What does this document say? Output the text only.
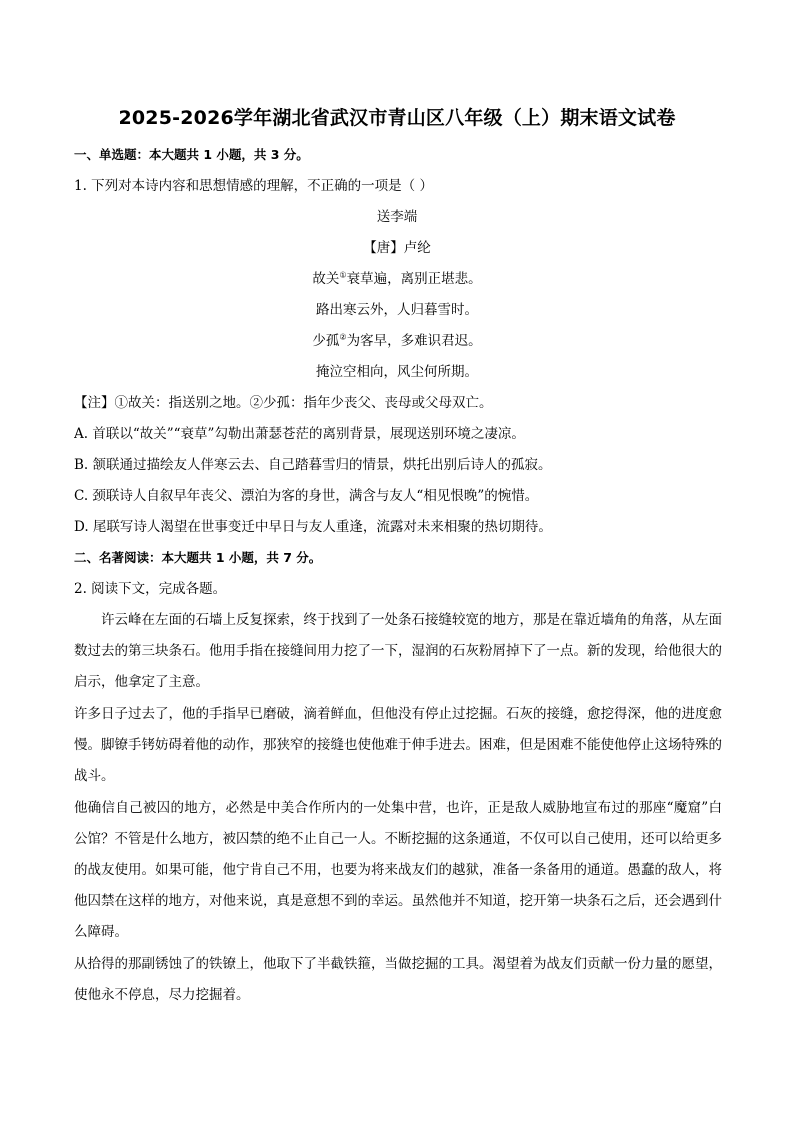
2025-2026学年湖北省武汉市青山区八年级（上）期末语文试卷
一、单选题：本大题共 1 小题，共 3 分。
1. 下列对本诗内容和思想情感的理解，不正确的一项是（ ）
送李端
【唐】卢纶
故关①衰草遍，离别正堪悲。
路出寒云外，人归暮雪时。
少孤②为客早，多难识君迟。
掩泣空相向，风尘何所期。
【注】①故关：指送别之地。②少孤：指年少丧父、丧母或父母双亡。
A. 首联以“故关”“衰草”勾勒出萧瑟苍茫的离别背景，展现送别环境之凄凉。
B. 颔联通过描绘友人伴寒云去、自己踏暮雪归的情景，烘托出别后诗人的孤寂。
C. 颈联诗人自叙早年丧父、漂泊为客的身世，满含与友人“相见恨晚”的惋惜。
D. 尾联写诗人渴望在世事变迁中早日与友人重逢，流露对未来相聚的热切期待。
二、名著阅读：本大题共 1 小题，共 7 分。
2. 阅读下文，完成各题。
许云峰在左面的石墙上反复探索，终于找到了一处条石接缝较宽的地方，那是在靠近墙角的角落，从左面数过去的第三块条石。他用手指在接缝间用力挖了一下，湿润的石灰粉屑掉下了一点。新的发现，给他很大的启示，他拿定了主意。
许多日子过去了，他的手指早已磨破，滴着鲜血，但他没有停止过挖掘。石灰的接缝，愈挖得深，他的进度愈慢。脚镣手铐妨碍着他的动作，那狭窄的接缝也使他难于伸手进去。困难，但是困难不能使他停止这场特殊的战斗。
他确信自己被囚的地方，必然是中美合作所内的一处集中营，也许，正是敌人威胁地宣布过的那座“魔窟”白公馆？不管是什么地方，被囚禁的绝不止自己一人。不断挖掘的这条通道，不仅可以自己使用，还可以给更多的战友使用。如果可能，他宁肯自己不用，也要为将来战友们的越狱，准备一条备用的通道。愚蠢的敌人，将他囚禁在这样的地方，对他来说，真是意想不到的幸运。虽然他并不知道，挖开第一块条石之后，还会遇到什么障碍。
从拾得的那副锈蚀了的铁镣上，他取下了半截铁箍，当做挖掘的工具。渴望着为战友们贡献一份力量的愿望，使他永不停息，尽力挖掘着。
